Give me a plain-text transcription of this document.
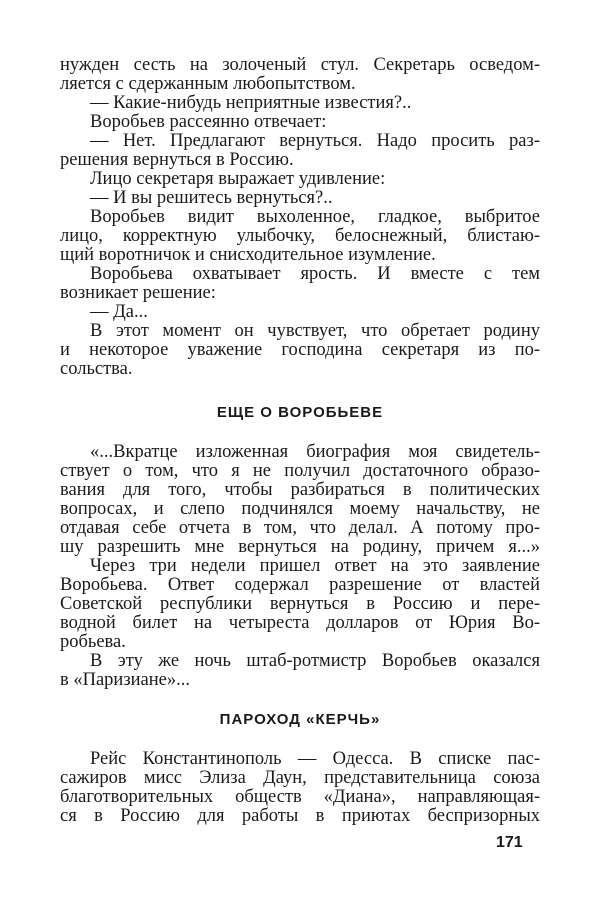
нужден сесть на золоченый стул. Секретарь осведом-
ляется с сдержанным любопытством.
— Какие-нибудь неприятные известия?..
Воробьев рассеянно отвечает:
— Нет. Предлагают вернуться. Надо просить раз-
решения вернуться в Россию.
Лицо секретаря выражает удивление:
— И вы решитесь вернуться?..
Воробьев видит выхоленное, гладкое, выбритое
лицо, корректную улыбочку, белоснежный, блистаю-
щий воротничок и снисходительное изумление.
Воробьева охватывает ярость. И вместе с тем
возникает решение:
— Да...
В этот момент он чувствует, что обретает родину
и некоторое уважение господина секретаря из по-
сольства.
ЕЩЕ О ВОРОБЬЕВЕ
«...Вкратце изложенная биография моя свидетель-
ствует о том, что я не получил достаточного образо-
вания для того, чтобы разбираться в политических
вопросах, и слепо подчинялся моему начальству, не
отдавая себе отчета в том, что делал. А потому про-
шу разрешить мне вернуться на родину, причем я...»
Через три недели пришел ответ на это заявление
Воробьева. Ответ содержал разрешение от властей
Советской республики вернуться в Россию и пере-
водной билет на четыреста долларов от Юрия Во-
робьева.
В эту же ночь штаб-ротмистр Воробьев оказался
в «Паризиане»...
ПАРОХОД «КЕРЧЬ»
Рейс Константинополь — Одесса. В списке пас-
сажиров мисс Элиза Даун, представительница союза
благотворительных обществ «Диана», направляющая-
ся в Россию для работы в приютах беспризорных
171
